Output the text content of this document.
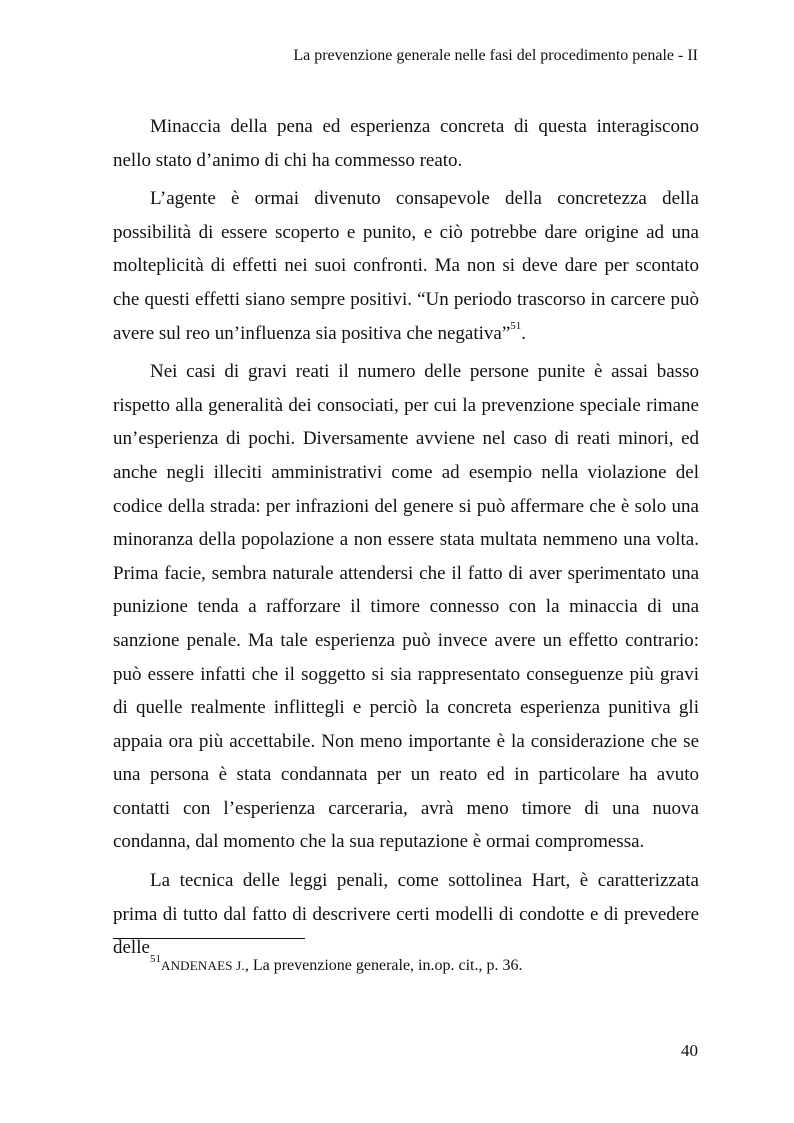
La prevenzione generale nelle fasi del procedimento penale - II

Minaccia della pena ed esperienza concreta di questa interagiscono nello stato d’animo di chi ha commesso reato.

L’agente è ormai divenuto consapevole della concretezza della possibilità di essere scoperto e punito, e ciò potrebbe dare origine ad una molteplicità di effetti nei suoi confronti. Ma non si deve dare per scontato che questi effetti siano sempre positivi. “Un periodo trascorso in carcere può avere sul reo un’influenza sia positiva che negativa”$^{51}$.

Nei casi di gravi reati il numero delle persone punite è assai basso rispetto alla generalità dei consociati, per cui la prevenzione speciale rimane un’esperienza di pochi. Diversamente avviene nel caso di reati minori, ed anche negli illeciti amministrativi come ad esempio nella violazione del codice della strada: per infrazioni del genere si può affermare che è solo una minoranza della popolazione a non essere stata multata nemmeno una volta. Prima facie, sembra naturale attendersi che il fatto di aver sperimentato una punizione tenda a rafforzare il timore connesso con la minaccia di una sanzione penale. Ma tale esperienza può invece avere un effetto contrario: può essere infatti che il soggetto si sia rappresentato conseguenze più gravi di quelle realmente inflittegli e perciò la concreta esperienza punitiva gli appaia ora più accettabile. Non meno importante è la considerazione che se una persona è stata condannata per un reato ed in particolare ha avuto contatti con l’esperienza carceraria, avrà meno timore di una nuova condanna, dal momento che la sua reputazione è ormai compromessa.

La tecnica delle leggi penali, come sottolinea Hart, è caratterizzata prima di tutto dal fatto di descrivere certi modelli di condotte e di prevedere delle

$^{51}$ANDENAES J., La prevenzione generale, in.op. cit., p. 36.
40
